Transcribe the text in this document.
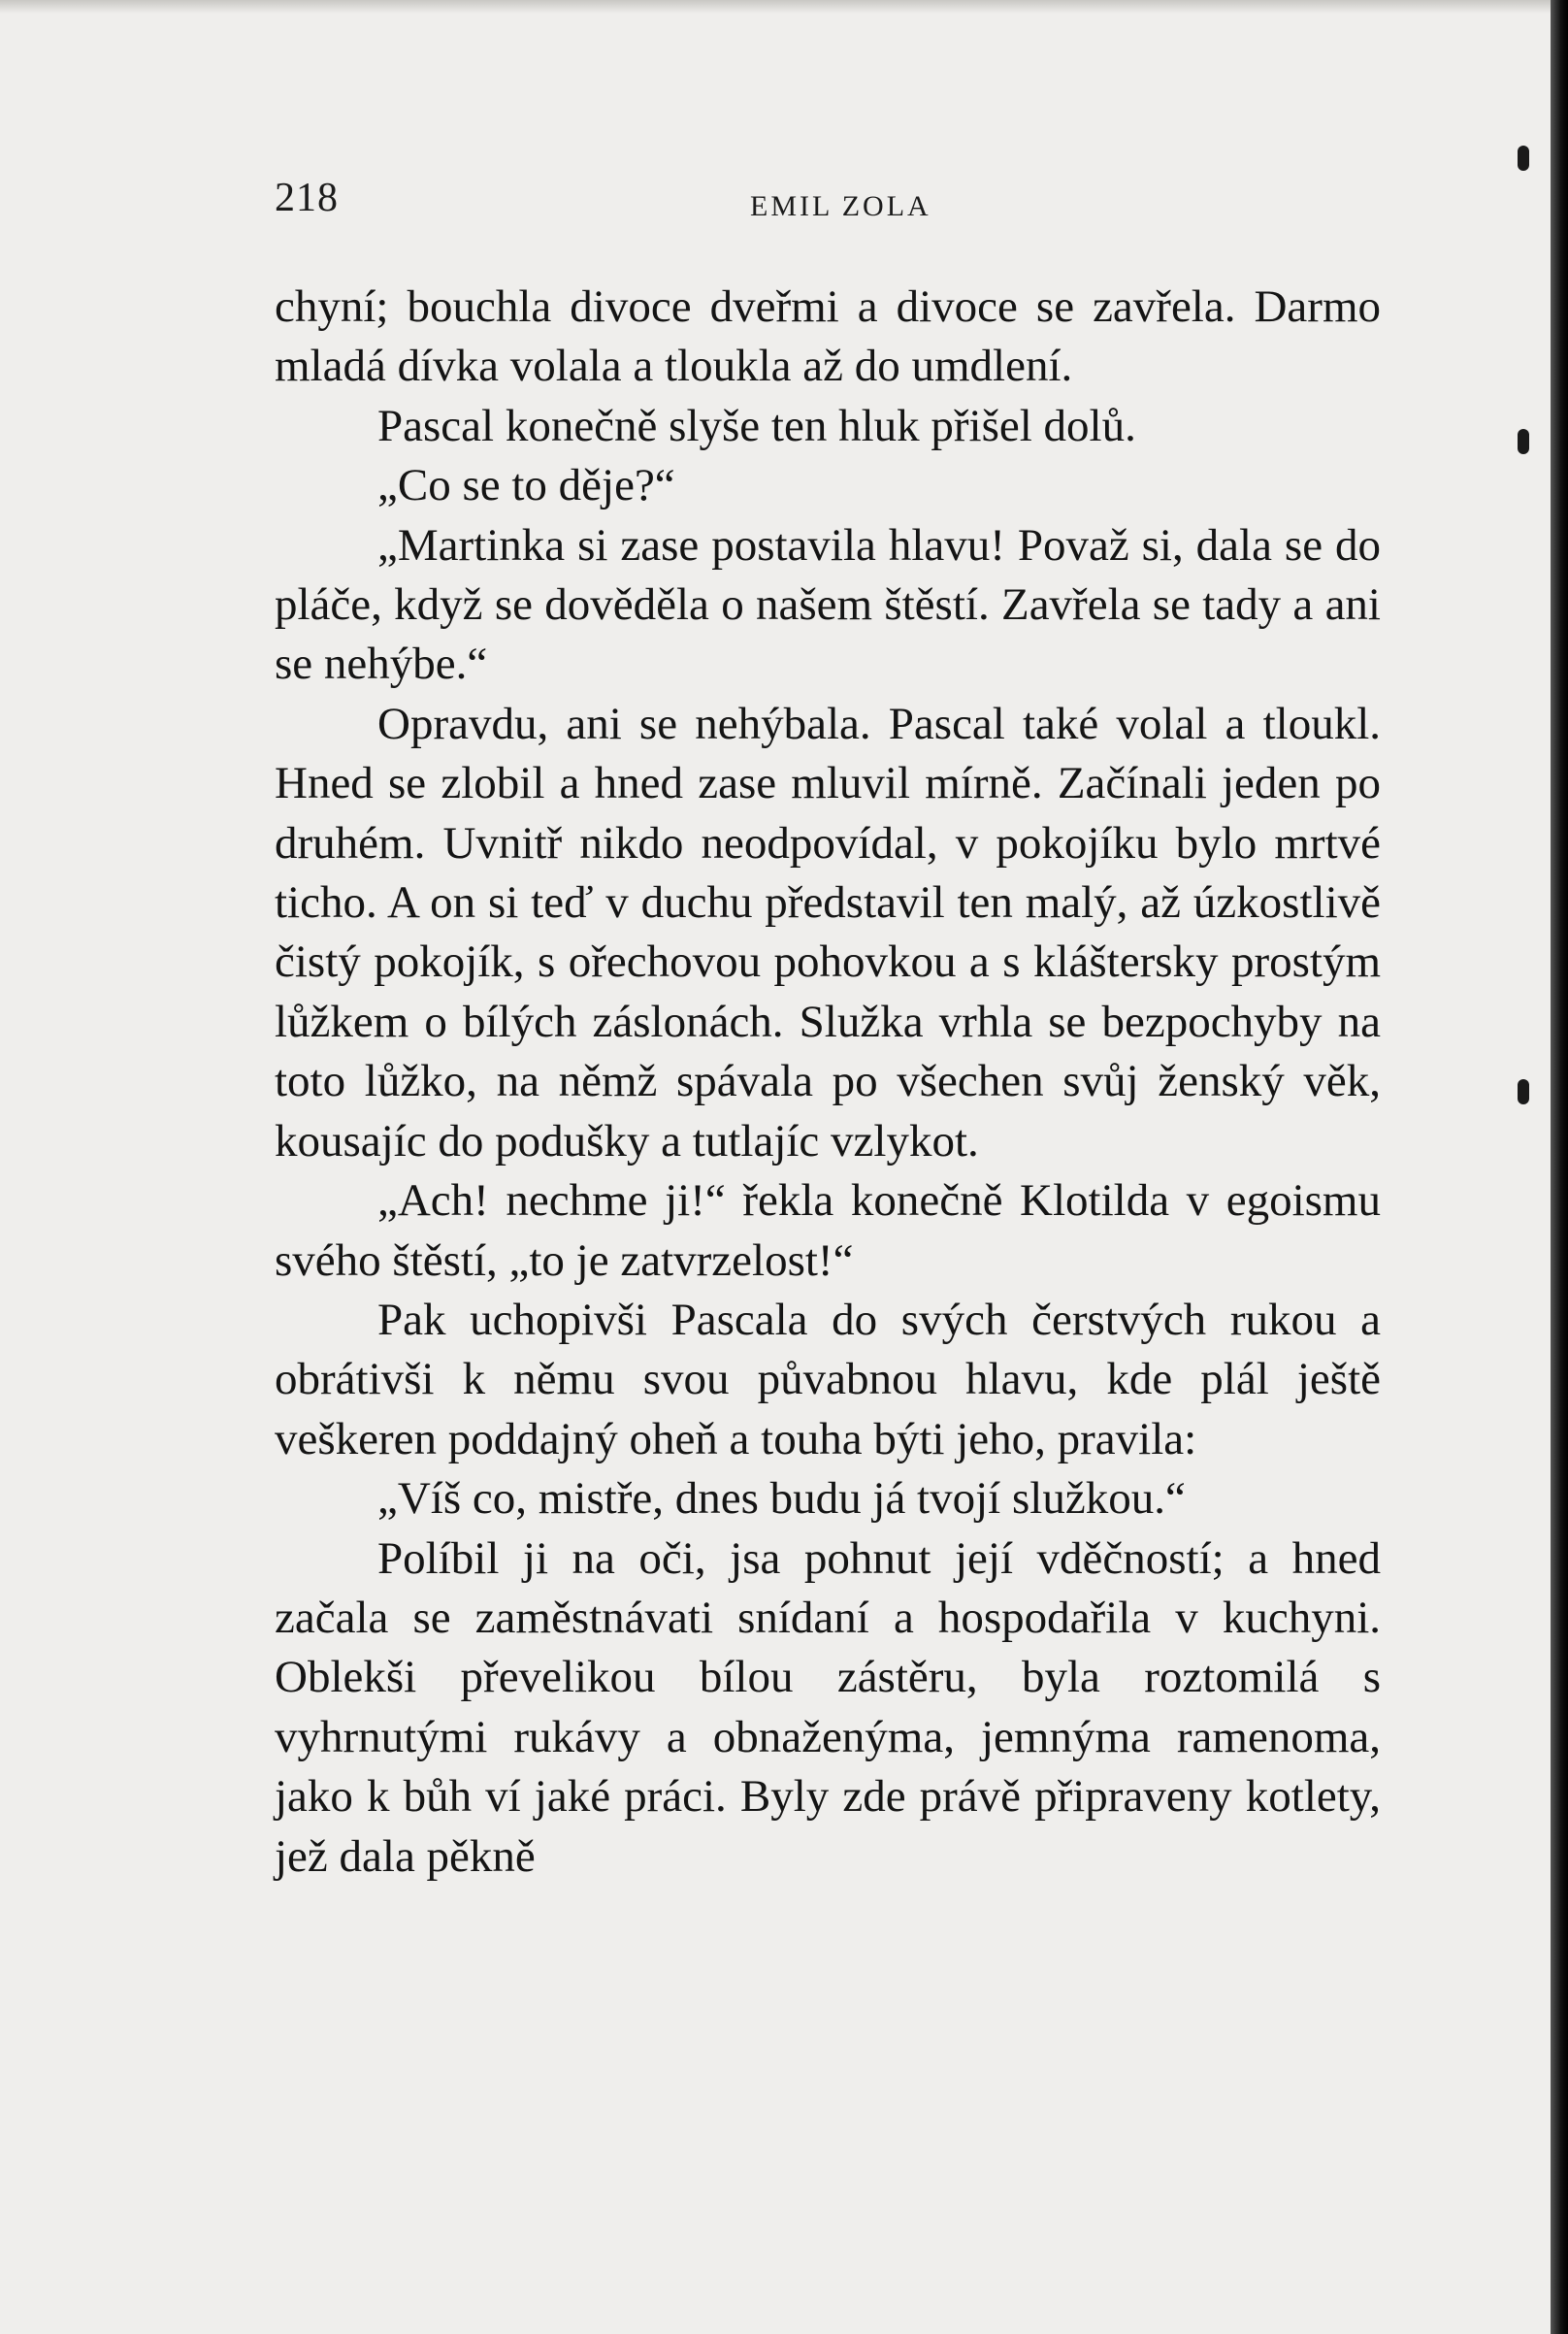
218	EMIL ZOLA

chyní; bouchla divoce dveřmi a divoce se zavřela. Darmo mladá dívka volala a tloukla až do umdlení.

Pascal konečně slyše ten hluk přišel dolů.

„Co se to děje?“

„Martinka si zase postavila hlavu! Považ si, dala se do pláče, když se dověděla o našem štěstí. Zavřela se tady a ani se nehýbe.“

Opravdu, ani se nehýbala. Pascal také volal a tloukl. Hned se zlobil a hned zase mluvil mírně. Začínali jeden po druhém. Uvnitř nikdo neodpovídal, v pokojíku bylo mrtvé ticho. A on si teď v duchu představil ten malý, až úzkostlivě čistý pokojík, s ořechovou pohovkou a s kláštersky prostým lůžkem o bílých záslonách. Služka vrhla se bezpochyby na toto lůžko, na němž spávala po všechen svůj ženský věk, kousajíc do podušky a tutlajíc vzlykot.

„Ach! nechme ji!“ řekla konečně Klotilda v egoismu svého štěstí, „to je zatvrzelost!“

Pak uchopivši Pascala do svých čerstvých rukou a obrátivši k němu svou půvabnou hlavu, kde plál ještě veškeren poddajný oheň a touha býti jeho, pravila:

„Víš co, mistře, dnes budu já tvojí služkou.“

Políbil ji na oči, jsa pohnut její vděčností; a hned začala se zaměstnávati snídaní a hospodařila v kuchyni. Oblekši převelikou bílou zástěru, byla roztomilá s vyhrnutými rukávy a obnaženýma, jemnýma ramenoma, jako k bůh ví jaké práci. Byly zde právě připraveny kotlety, jež dala pěkně
